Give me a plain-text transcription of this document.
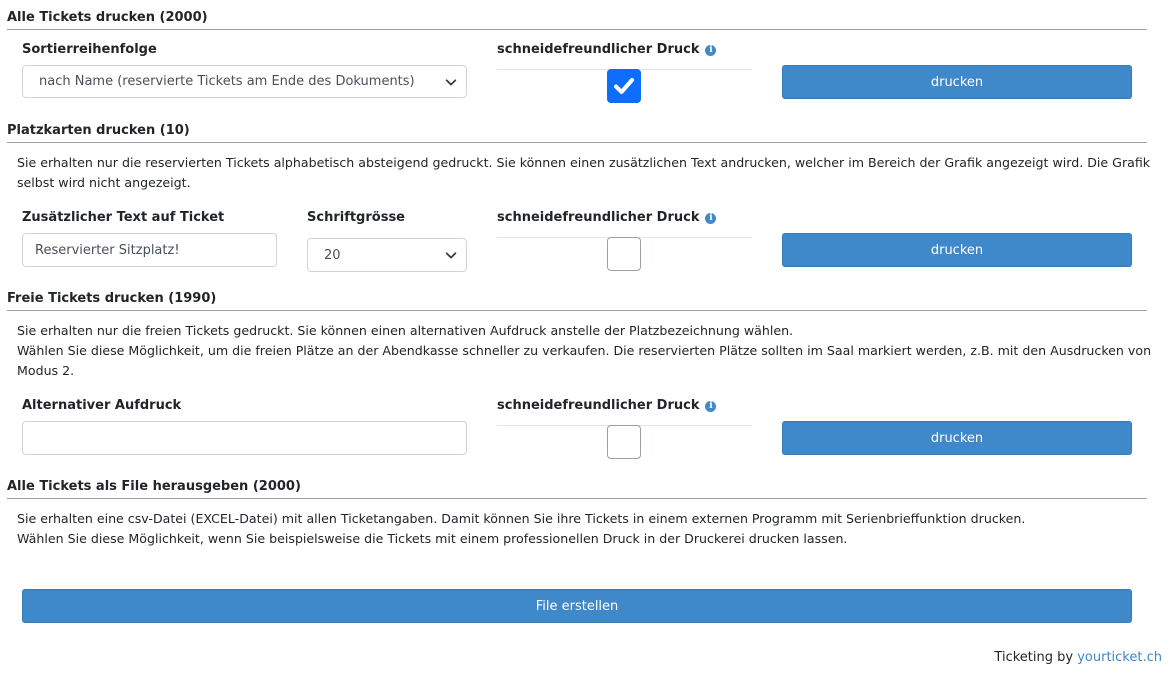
Alle Tickets drucken (2000)
Sortierreihenfolge
nach Name (reservierte Tickets am Ende des Dokuments)
schneidefreundlicher Druck i
drucken
Platzkarten drucken (10)
Sie erhalten nur die reservierten Tickets alphabetisch absteigend gedruckt. Sie können einen zusätzlichen Text andrucken, welcher im Bereich der Grafik angezeigt wird. Die Grafik selbst wird nicht angezeigt.
Zusätzlicher Text auf Ticket
Reservierter Sitzplatz!
Schriftgrösse
20
schneidefreundlicher Druck i
drucken
Freie Tickets drucken (1990)
Sie erhalten nur die freien Tickets gedruckt. Sie können einen alternativen Aufdruck anstelle der Platzbezeichnung wählen.
Wählen Sie diese Möglichkeit, um die freien Plätze an der Abendkasse schneller zu verkaufen. Die reservierten Plätze sollten im Saal markiert werden, z.B. mit den Ausdrucken von Modus 2.
Alternativer Aufdruck	schneidefreundlicher Druck i
drucken
Alle Tickets als File herausgeben (2000)
Sie erhalten eine csv-Datei (EXCEL-Datei) mit allen Ticketangaben. Damit können Sie ihre Tickets in einem externen Programm mit Serienbrieffunktion drucken.
Wählen Sie diese Möglichkeit, wenn Sie beispielsweise die Tickets mit einem professionellen Druck in der Druckerei drucken lassen.
File erstellen
Ticketing by yourticket.ch
